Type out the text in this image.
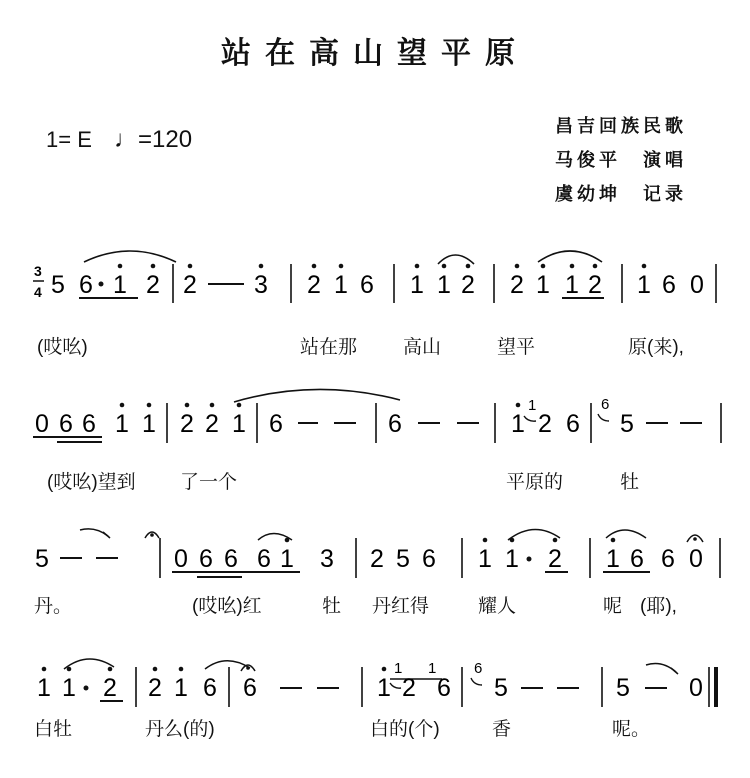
站在高山望平原
1= E ♩=120	昌吉回族民歌
马俊平　演唱
虞幼坤　记录
3
4 5 6 1 2 2 3 2 1 6 1 1 2 2 1 1 2 1 6 0
(哎吆)	站在那 高山	望平	原(来),
0 6 6 1 1 2 2 1 6	6	1
1
2 6
6
5
(哎吆)望到 了一个	平原的	牡
5	0 6 6 6 1 3 2 5 6 1 1 2 1 6 6 0
丹。	(哎吆)红	牡 丹红得	耀人	呢 (耶),
1 1 2 2 1 6 6	1
1 1
2 6
6
5	5 0
白牡	丹么(的)	白的(个)	香	呢。
